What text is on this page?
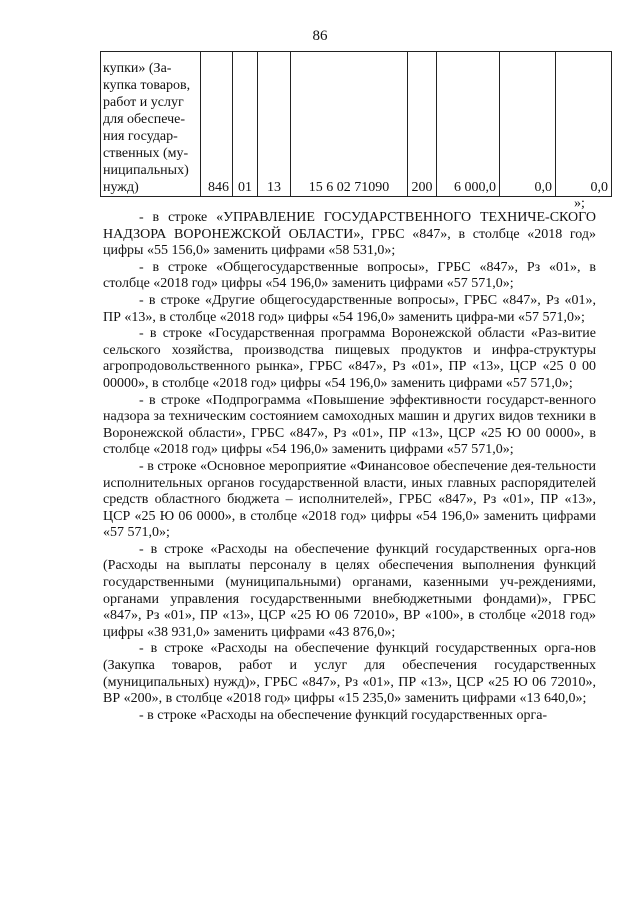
86
купки» (За-
купка товаров,
работ и услуг
для обеспече-
ния государ-
ственных (му-
ниципальных)
нужд)	846	01	13	15 6 02 71090	200	6 000,0	0,0	0,0
»;

- в строке «УПРАВЛЕНИЕ ГОСУДАРСТВЕННОГО ТЕХНИЧЕ-СКОГО НАДЗОРА ВОРОНЕЖСКОЙ ОБЛАСТИ», ГРБС «847», в столбце «2018 год» цифры «55 156,0» заменить цифрами «58 531,0»;

- в строке «Общегосударственные вопросы», ГРБС «847», Рз «01», в столбце «2018 год» цифры «54 196,0» заменить цифрами «57 571,0»;

- в строке «Другие общегосударственные вопросы», ГРБС «847», Рз «01», ПР «13», в столбце «2018 год» цифры «54 196,0» заменить цифра-ми «57 571,0»;

- в строке «Государственная программа Воронежской области «Раз-витие сельского хозяйства, производства пищевых продуктов и инфра-структуры агропродовольственного рынка», ГРБС «847», Рз «01», ПР «13», ЦСР «25 0 00 00000», в столбце «2018 год» цифры «54 196,0» заменить цифрами «57 571,0»;

- в строке «Подпрограмма «Повышение эффективности государст-венного надзора за техническим состоянием самоходных машин и других видов техники в Воронежской области», ГРБС «847», Рз «01», ПР «13», ЦСР «25 Ю 00 0000», в столбце «2018 год» цифры «54 196,0» заменить цифрами «57 571,0»;

- в строке «Основное мероприятие «Финансовое обеспечение дея-тельности исполнительных органов государственной власти, иных главных распорядителей средств областного бюджета – исполнителей», ГРБС «847», Рз «01», ПР «13», ЦСР «25 Ю 06 0000», в столбце «2018 год» цифры «54 196,0» заменить цифрами «57 571,0»;

- в строке «Расходы на обеспечение функций государственных орга-нов (Расходы на выплаты персоналу в целях обеспечения выполнения функций государственными (муниципальными) органами, казенными уч-реждениями, органами управления государственными внебюджетными фондами)», ГРБС «847», Рз «01», ПР «13», ЦСР «25 Ю 06 72010», ВР «100», в столбце «2018 год» цифры «38 931,0» заменить цифрами «43 876,0»;

- в строке «Расходы на обеспечение функций государственных орга-нов (Закупка товаров, работ и услуг для обеспечения государственных (муниципальных) нужд)», ГРБС «847», Рз «01», ПР «13», ЦСР «25 Ю 06 72010», ВР «200», в столбце «2018 год» цифры «15 235,0» заменить цифрами «13 640,0»;

- в строке «Расходы на обеспечение функций государственных орга-
